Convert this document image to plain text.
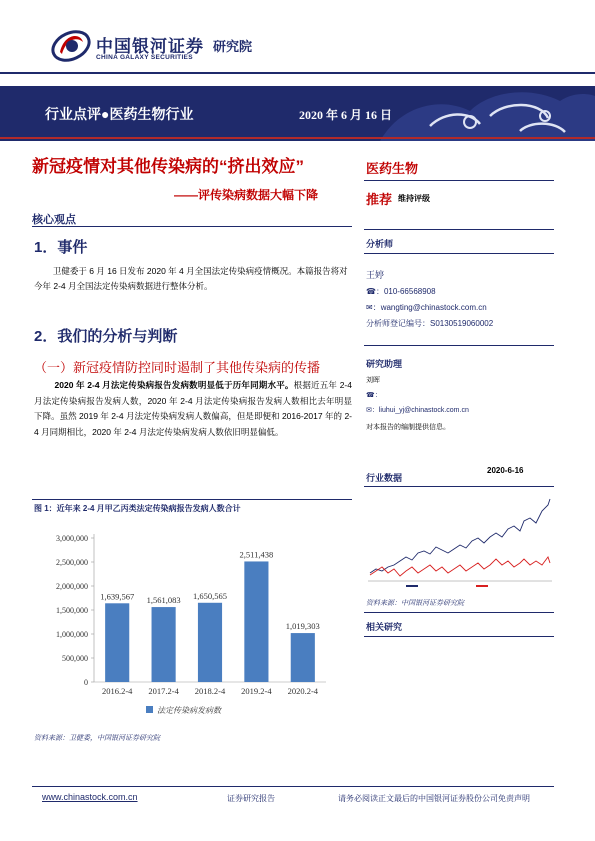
中国银河证券
CHINA GALAXY SECURITIES
研究院
行业点评●医药生物行业	2020 年 6 月 16 日
新冠疫情对其他传染病的“挤出效应”
——评传染病数据大幅下降
核心观点
1．事件
卫健委于 6 月 16 日发布 2020 年 4 月全国法定传染病疫情概况。本篇报告将对今年 2-4 月全国法定传染病数据进行整体分析。
2．我们的分析与判断
（一）新冠疫情防控同时遏制了其他传染病的传播
2020 年 2-4 月法定传染病报告发病数明显低于历年同期水平。根据近五年 2-4 月法定传染病报告发病人数，2020 年 2-4 月法定传染病报告发病人数相比去年明显下降。虽然 2019 年 2-4 月法定传染病发病人数偏高，但是即便和 2016-2017 年的 2-4 月同期相比，2020 年 2-4 月法定传染病发病人数依旧明显偏低。
图 1：近年来 2-4 月甲乙丙类法定传染病报告发病人数合计
0
500,000
1,000,000
1,500,000
2,000,000
2,500,000
3,000,000
1,639,567
2016.2-4
1,561,083
2017.2-4
1,650,565
2018.2-4
2,511,438
2019.2-4
1,019,303
2020.2-4
法定传染病发病数
资料来源：卫健委，中国银河证券研究院
医药生物
推荐 维持评级
分析师
王婷
☎：010-66568908
✉：wangting@chinastock.com.cn
分析师登记编号：S0130519060002
研究助理
刘晖
☎：
✉：liuhui_yj@chinastock.com.cn
对本报告的编制提供信息。
行业数据
2020-6-16
资料来源：中国银河证券研究院
相关研究
www.chinastock.com.cn	证券研究报告	请务必阅读正文最后的中国银河证券股份公司免责声明
